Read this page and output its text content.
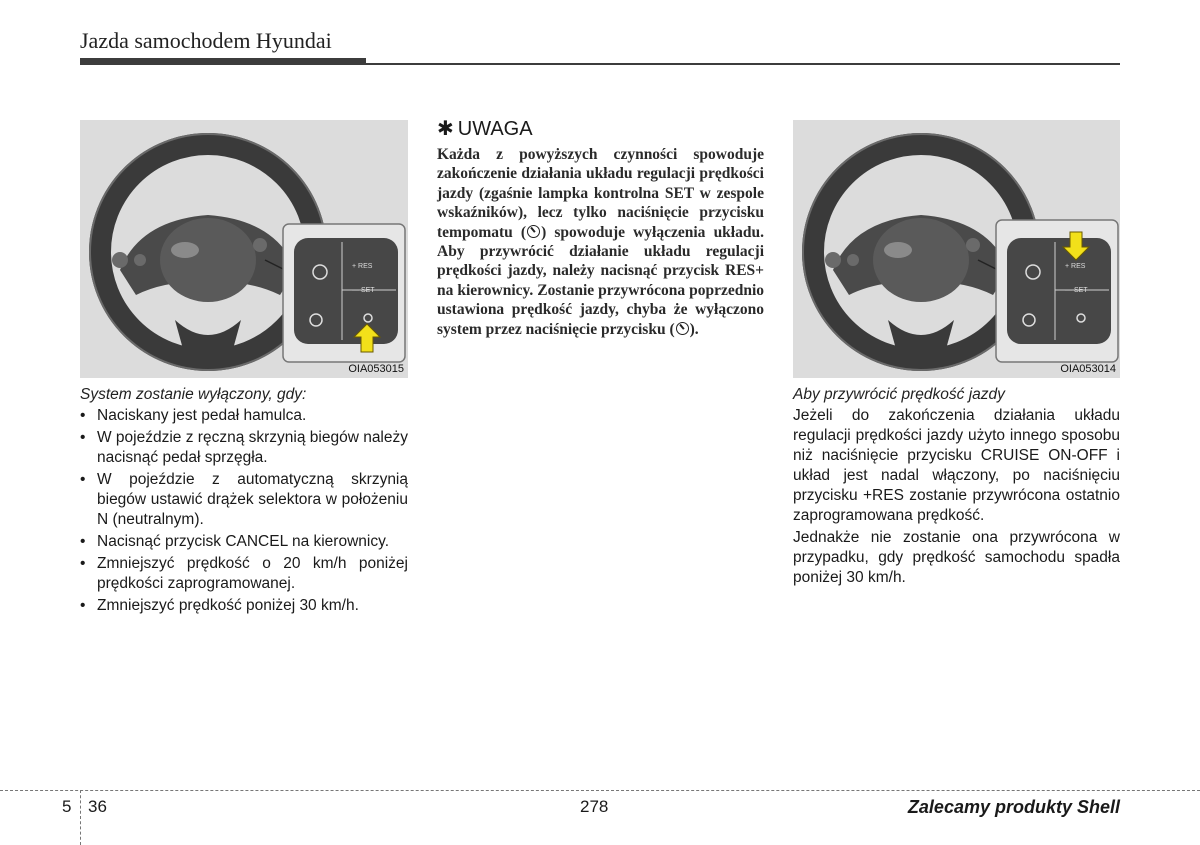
Jazda samochodem Hyundai
+ RES
— SET
OIA053015
+ RES
— SET
OIA053014
System zostanie wyłączony, gdy:
• Naciskany jest pedał hamulca.
• W pojeździe z ręczną skrzynią biegów należy nacisnąć pedał sprzęgła.
• W pojeździe z automatyczną skrzynią biegów ustawić drążek selektora w położeniu N (neutralnym).
• Nacisnąć przycisk CANCEL na kierownicy.
• Zmniejszyć prędkość o 20 km/h poniżej prędkości zaprogramowanej.
• Zmniejszyć prędkość poniżej 30 km/h.
✱ UWAGA

Każda z powyższych czynności spowoduje zakończenie działania układu regulacji prędkości jazdy (zgaśnie lampka kontrolna SET w zespole wskaźników), lecz tylko naciśnięcie przycisku tempomatu ( ) spowoduje wyłączenia układu. Aby przywrócić działanie układu regulacji prędkości jazdy, należy nacisnąć przycisk RES+ na kierownicy. Zostanie przywrócona poprzednio ustawiona prędkość jazdy, chyba że wyłączono system przez naciśnięcie przycisku ( ).

Aby przywrócić prędkość jazdy

Jeżeli do zakończenia działania układu regulacji prędkości jazdy użyto innego sposobu niż naciśnięcie przycisku CRUISE ON-OFF i układ jest nadal włączony, po naciśnięciu przycisku +RES zostanie przywrócona ostatnio zaprogramowana prędkość.

Jednakże nie zostanie ona przywrócona w przypadku, gdy prędkość samochodu spadła poniżej 30 km/h.

5 36	278	Zalecamy produkty Shell
